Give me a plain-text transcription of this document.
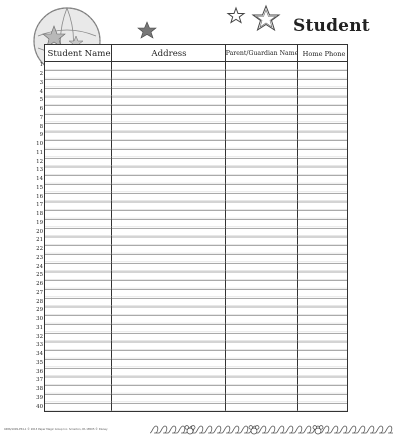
Student
Student Name	Address	Parent/Guardian Name Home Phone
1
2
3
4
5
6
7
8
9
10
11
12
13
14
15
16
17
18
19
20
21
22
23
24
25
26
27
28
29
30
31
32
33
34
35
36
37
38
39
40
0486/1009-P54-1 © 2013 Paper Magic Group Inc. Scranton, PA 18505 © Disney
